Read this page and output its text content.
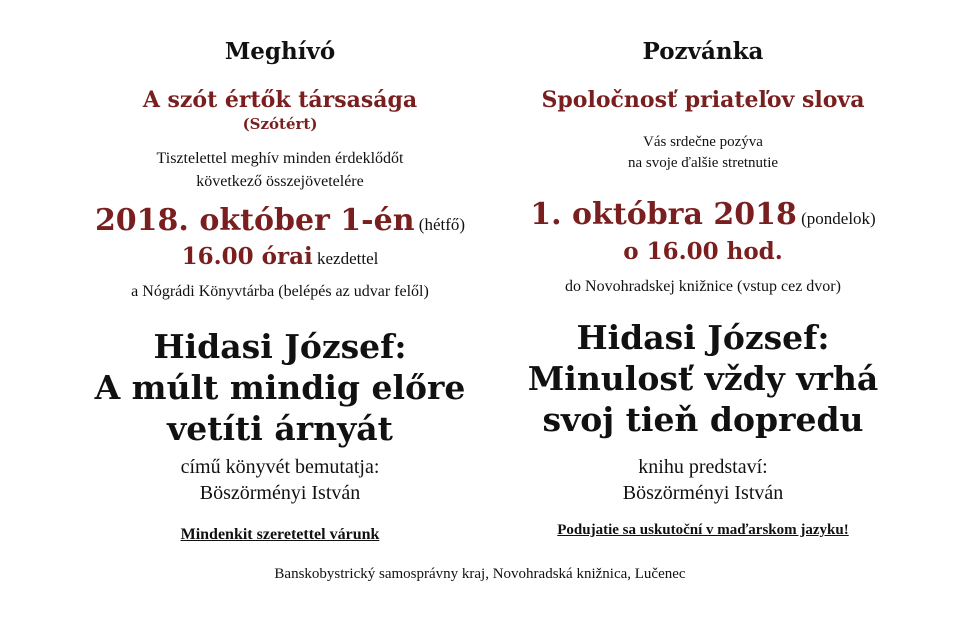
Meghívó
A szót értők társasága
(Szótért)
Tisztelettel meghív minden érdeklődőt
következő összejövetelére
2018. október 1-én (hétfő)
16.00 órai kezdettel
a Nógrádi Könyvtárba (belépés az udvar felől)
Hidasi József:
A múlt mindig előre
vetíti árnyát
című könyvét bemutatja:
Böszörményi István
Mindenkit szeretettel várunk
Pozvánka
Spoločnosť priateľov slova
Vás srdečne pozýva
na svoje ďalšie stretnutie
1. októbra 2018 (pondelok)
o 16.00 hod.
do Novohradskej knižnice (vstup cez dvor)
Hidasi József:
Minulosť vždy vrhá
svoj tieň dopredu
knihu predstaví:
Böszörményi István
Podujatie sa uskutoční v maďarskom jazyku!
Banskobystrický samosprávny kraj, Novohradská knižnica, Lučenec
